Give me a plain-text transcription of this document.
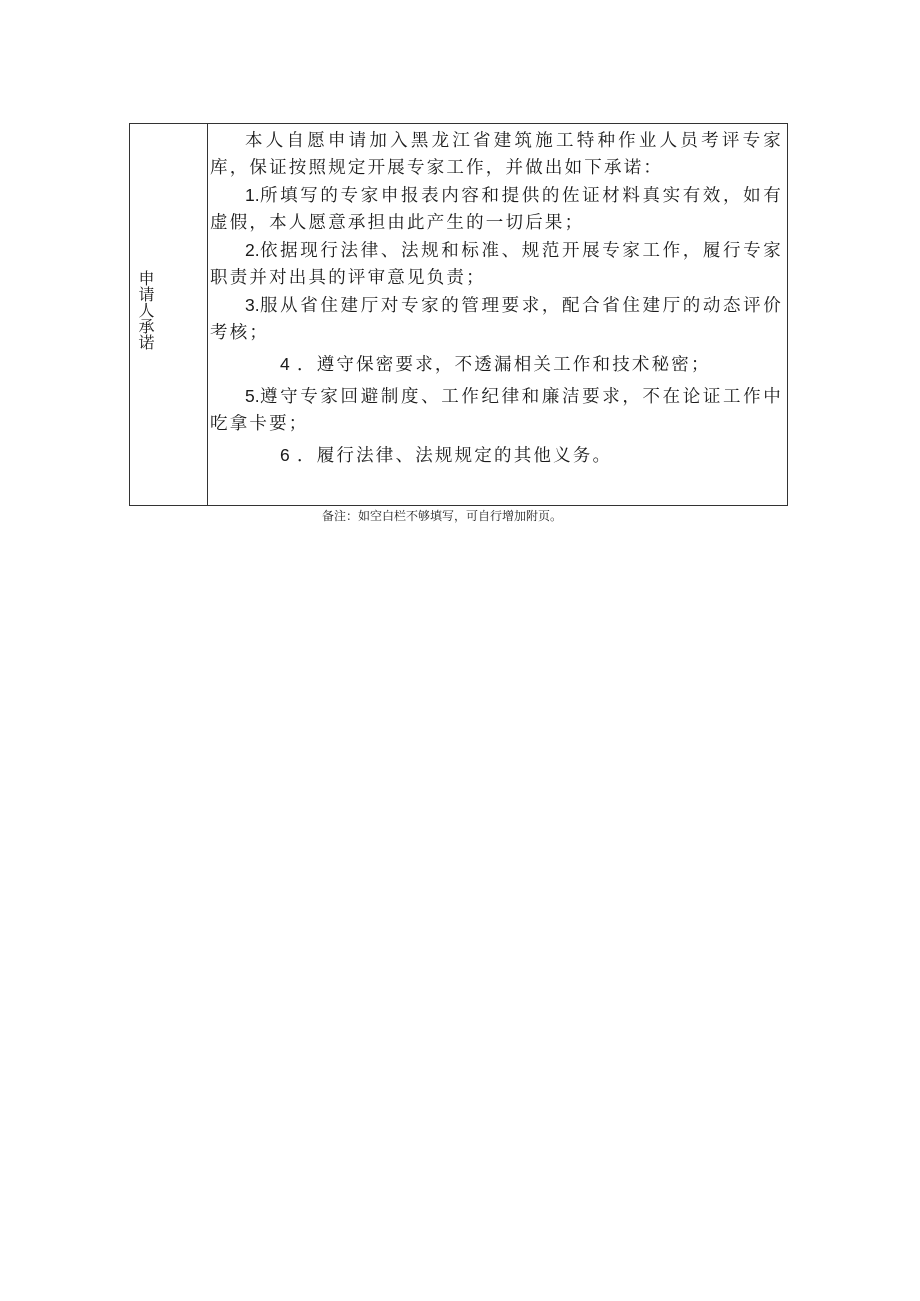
申请人承诺

本人自愿申请加入黑龙江省建筑施工特种作业人员考评专家库，保证按照规定开展专家工作，并做出如下承诺：

1.所填写的专家申报表内容和提供的佐证材料真实有效，如有虚假，本人愿意承担由此产生的一切后果；

2.依据现行法律、法规和标准、规范开展专家工作，履行专家职责并对出具的评审意见负责；

3.服从省住建厅对专家的管理要求，配合省住建厅的动态评价考核；

4 ．遵守保密要求，不透漏相关工作和技术秘密；

5.遵守专家回避制度、工作纪律和廉洁要求，不在论证工作中吃拿卡要；

6 ．履行法律、法规规定的其他义务。

备注：如空白栏不够填写，可自行增加附页。
